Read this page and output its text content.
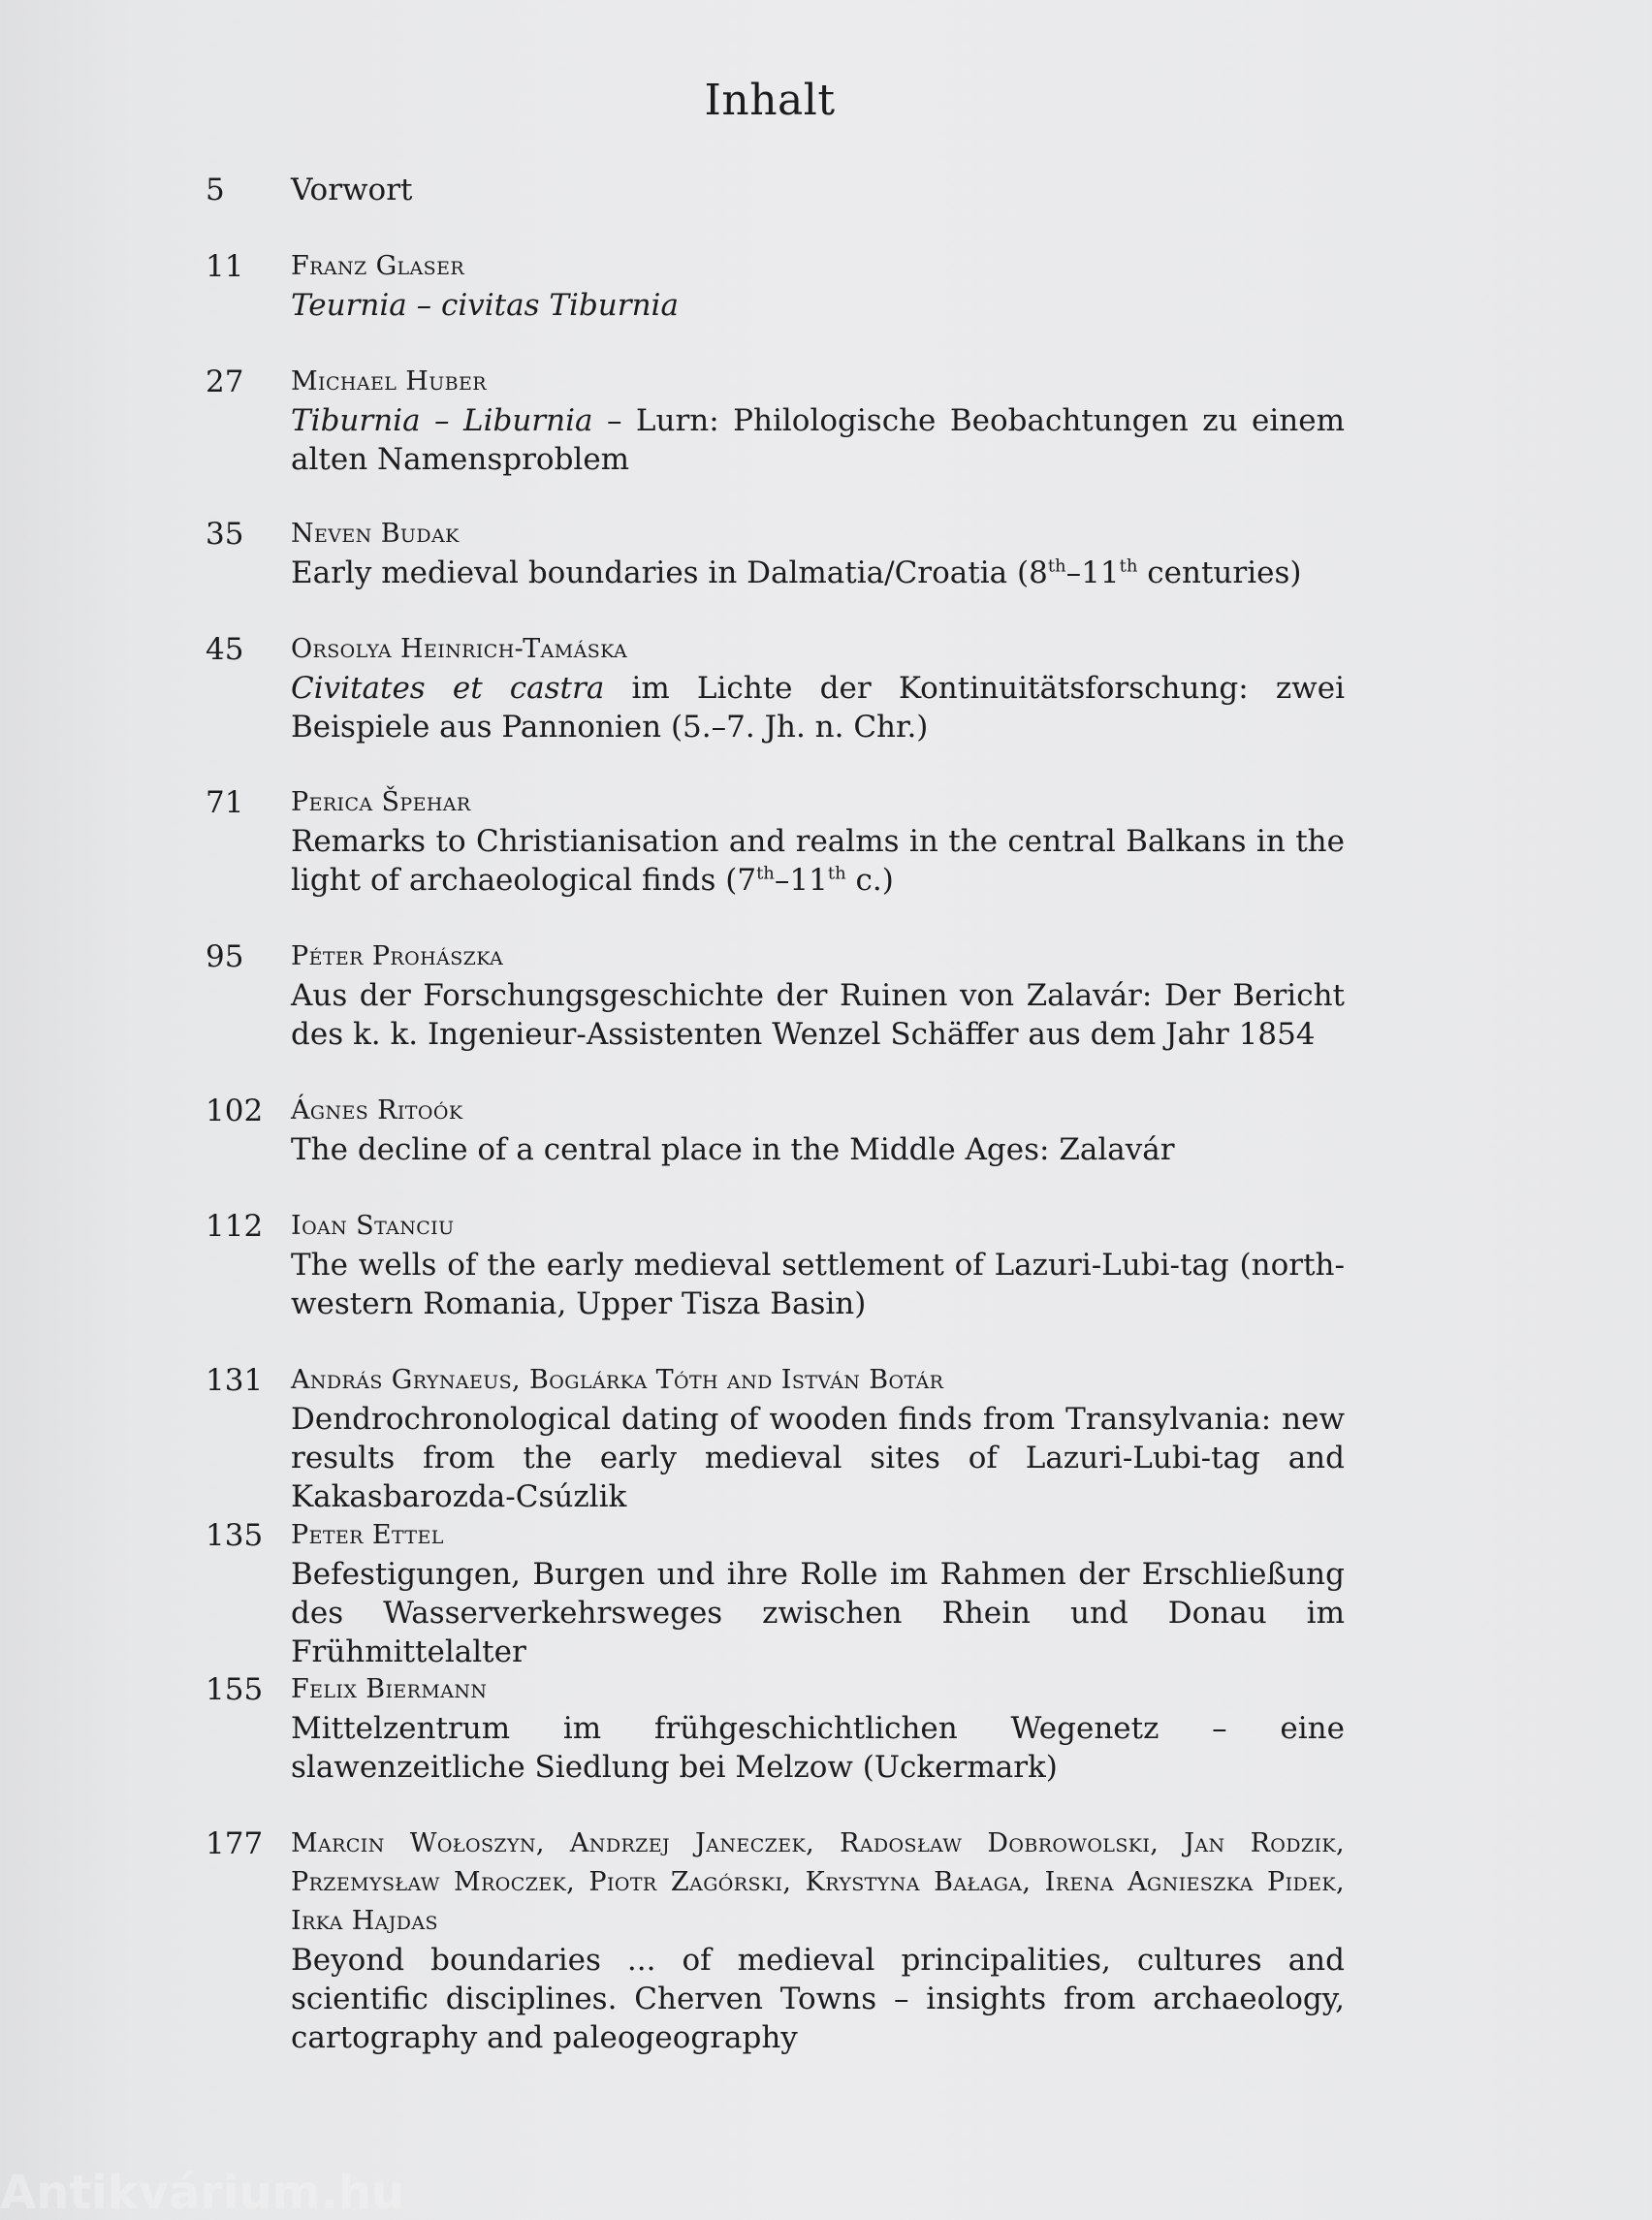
Inhalt
5 Vorwort
11 Franz Glaser
Teurnia – civitas Tiburnia
27 Michael Huber
Tiburnia – Liburnia – Lurn: Philologische Beobachtungen zu einem alten Namensproblem
35 Neven Budak
Early medieval boundaries in Dalmatia/Croatia (8th–11th centuries)
45 Orsolya Heinrich-Tamáska
Civitates et castra im Lichte der Kontinuitätsforschung: zwei Beispiele aus Pannonien (5.–7. Jh. n. Chr.)
71 Perica Špehar
Remarks to Christianisation and realms in the central Balkans in the light of archaeological finds (7th–11th c.)
95 Péter Prohászka
Aus der Forschungsgeschichte der Ruinen von Zalavár: Der Bericht des k. k. Ingenieur-Assistenten Wenzel Schäffer aus dem Jahr 1854
102 Ágnes Ritoók
The decline of a central place in the Middle Ages: Zalavár
112 Ioan Stanciu
The wells of the early medieval settlement of Lazuri-Lubi-tag (north-western Romania, Upper Tisza Basin)
131 András Grynaeus, Boglárka Tóth and István Botár
Dendrochronological dating of wooden finds from Transylvania: new results from the early medieval sites of Lazuri-Lubi-tag and Kakasbarozda-Csúzlik
135 Peter Ettel
Befestigungen, Burgen und ihre Rolle im Rahmen der Erschließung des Wasserverkehrsweges zwischen Rhein und Donau im Frühmittelalter
155 Felix Biermann
Mittelzentrum im frühgeschichtlichen Wegenetz – eine slawenzeitliche Siedlung bei Melzow (Uckermark)
177 Marcin Wołoszyn, Andrzej Janeczek, Radosław Dobrowolski, Jan Rodzik, Przemysław Mroczek, Piotr Zagórski, Krystyna Bałaga, Irena Agnieszka Pidek, Irka Hajdas
Beyond boundaries ... of medieval principalities, cultures and scientific disciplines. Cherven Towns – insights from archaeology, cartography and paleogeography
Antikvárium.hu
